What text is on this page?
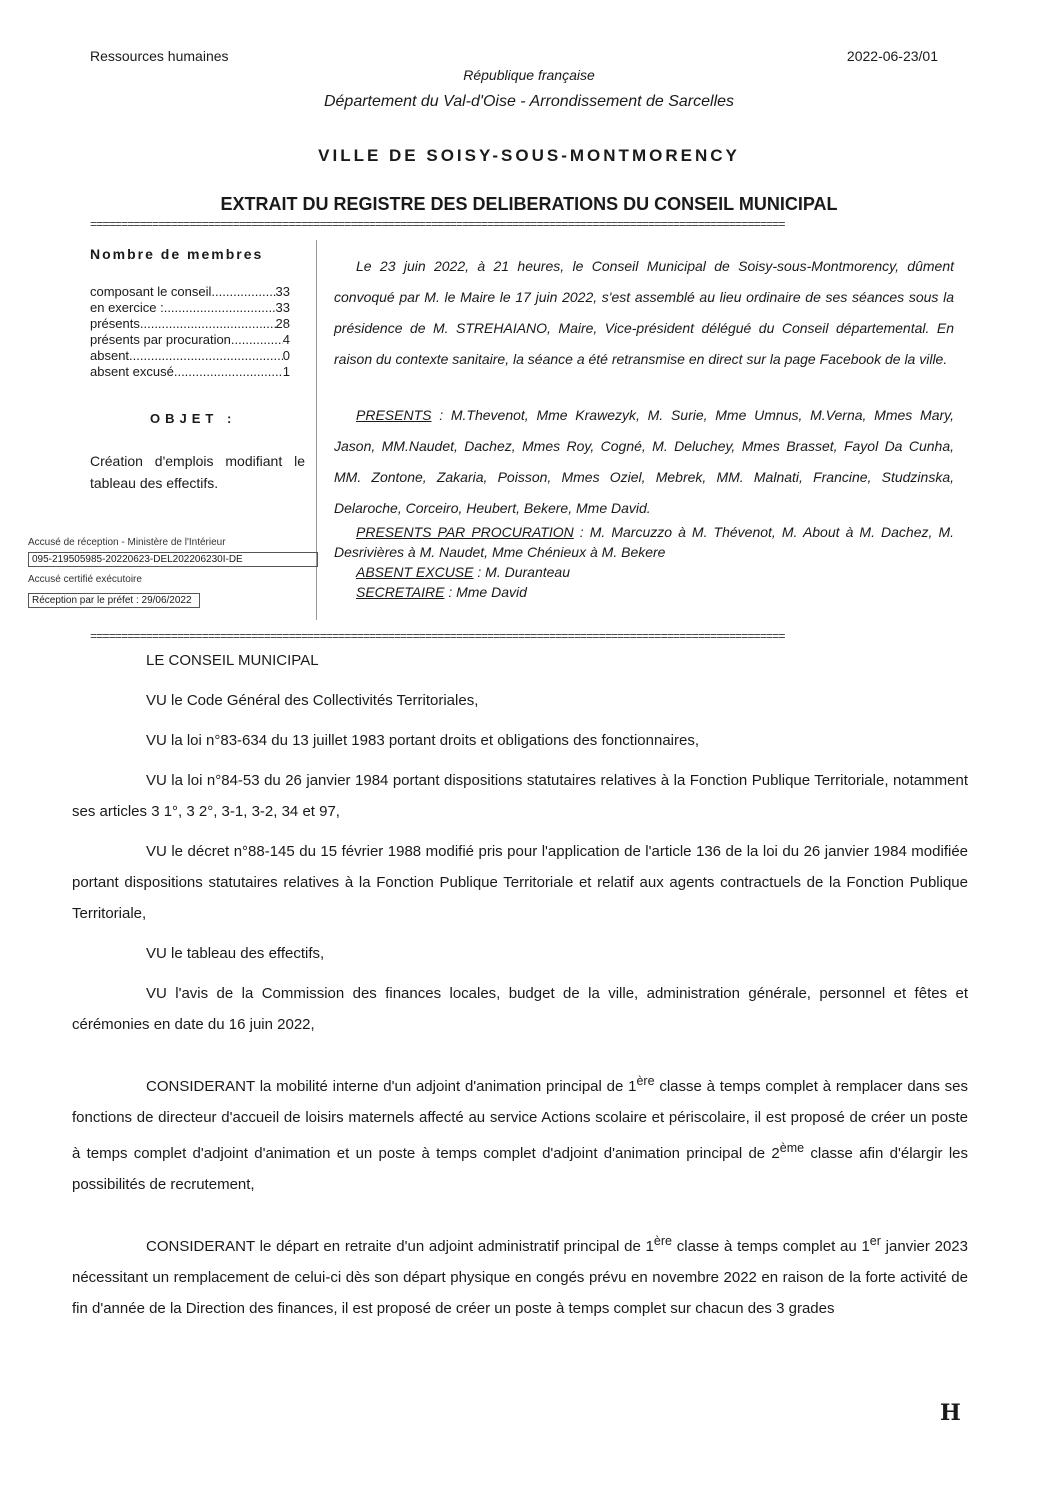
Ressources humaines	2022-06-23/01
République française
Département du Val-d'Oise - Arrondissement de Sarcelles
VILLE DE SOISY-SOUS-MONTMORENCY
EXTRAIT DU REGISTRE DES DELIBERATIONS DU CONSEIL MUNICIPAL
================================================================================================================
Nombre de membres
composant le conseil .....	33
en exercice : .....	33
présents .....	28
présents par procuration .....	4
absent .....	0
absent excusé .....	1
OBJET :
Création d'emplois modifiant le tableau des effectifs.
Accusé de réception - Ministère de l'Intérieur
095-219505985-20220623-DEL202206230I-DE
Accusé certifié exécutoire
Réception par le préfet : 29/06/2022

Le 23 juin 2022, à 21 heures, le Conseil Municipal de Soisy-sous-Montmorency, dûment convoqué par M. le Maire le 17 juin 2022, s'est assemblé au lieu ordinaire de ses séances sous la présidence de M. STREHAIANO, Maire, Vice-président délégué du Conseil départemental. En raison du contexte sanitaire, la séance a été retransmise en direct sur la page Facebook de la ville.

PRESENTS : M.Thevenot, Mme Krawezyk, M. Surie, Mme Umnus, M.Verna, Mmes Mary, Jason, MM.Naudet, Dachez, Mmes Roy, Cogné, M. Deluchey, Mmes Brasset, Fayol Da Cunha, MM. Zontone, Zakaria, Poisson, Mmes Oziel, Mebrek, MM. Malnati, Francine, Studzinska, Delaroche, Corceiro, Heubert, Bekere, Mme David.
PRESENTS PAR PROCURATION : M. Marcuzzo à M. Thévenot, M. About à M. Dachez, M. Desrivières à M. Naudet, Mme Chénieux à M. Bekere
ABSENT EXCUSE : M. Duranteau
SECRETAIRE : Mme David
================================================================================================================

LE CONSEIL MUNICIPAL

VU le Code Général des Collectivités Territoriales,

VU la loi n°83-634 du 13 juillet 1983 portant droits et obligations des fonctionnaires,

VU la loi n°84-53 du 26 janvier 1984 portant dispositions statutaires relatives à la Fonction Publique Territoriale, notamment ses articles 3 1°, 3 2°, 3-1, 3-2, 34 et 97,

VU le décret n°88-145 du 15 février 1988 modifié pris pour l'application de l'article 136 de la loi du 26 janvier 1984 modifiée portant dispositions statutaires relatives à la Fonction Publique Territoriale et relatif aux agents contractuels de la Fonction Publique Territoriale,

VU le tableau des effectifs,

VU l'avis de la Commission des finances locales, budget de la ville, administration générale, personnel et fêtes et cérémonies en date du 16 juin 2022,

CONSIDERANT la mobilité interne d'un adjoint d'animation principal de 1ère classe à temps complet à remplacer dans ses fonctions de directeur d'accueil de loisirs maternels affecté au service Actions scolaire et périscolaire, il est proposé de créer un poste à temps complet d'adjoint d'animation et un poste à temps complet d'adjoint d'animation principal de 2ème classe afin d'élargir les possibilités de recrutement,

CONSIDERANT le départ en retraite d'un adjoint administratif principal de 1ère classe à temps complet au 1er janvier 2023 nécessitant un remplacement de celui-ci dès son départ physique en congés prévu en novembre 2022 en raison de la forte activité de fin d'année de la Direction des finances, il est proposé de créer un poste à temps complet sur chacun des 3 grades

H
